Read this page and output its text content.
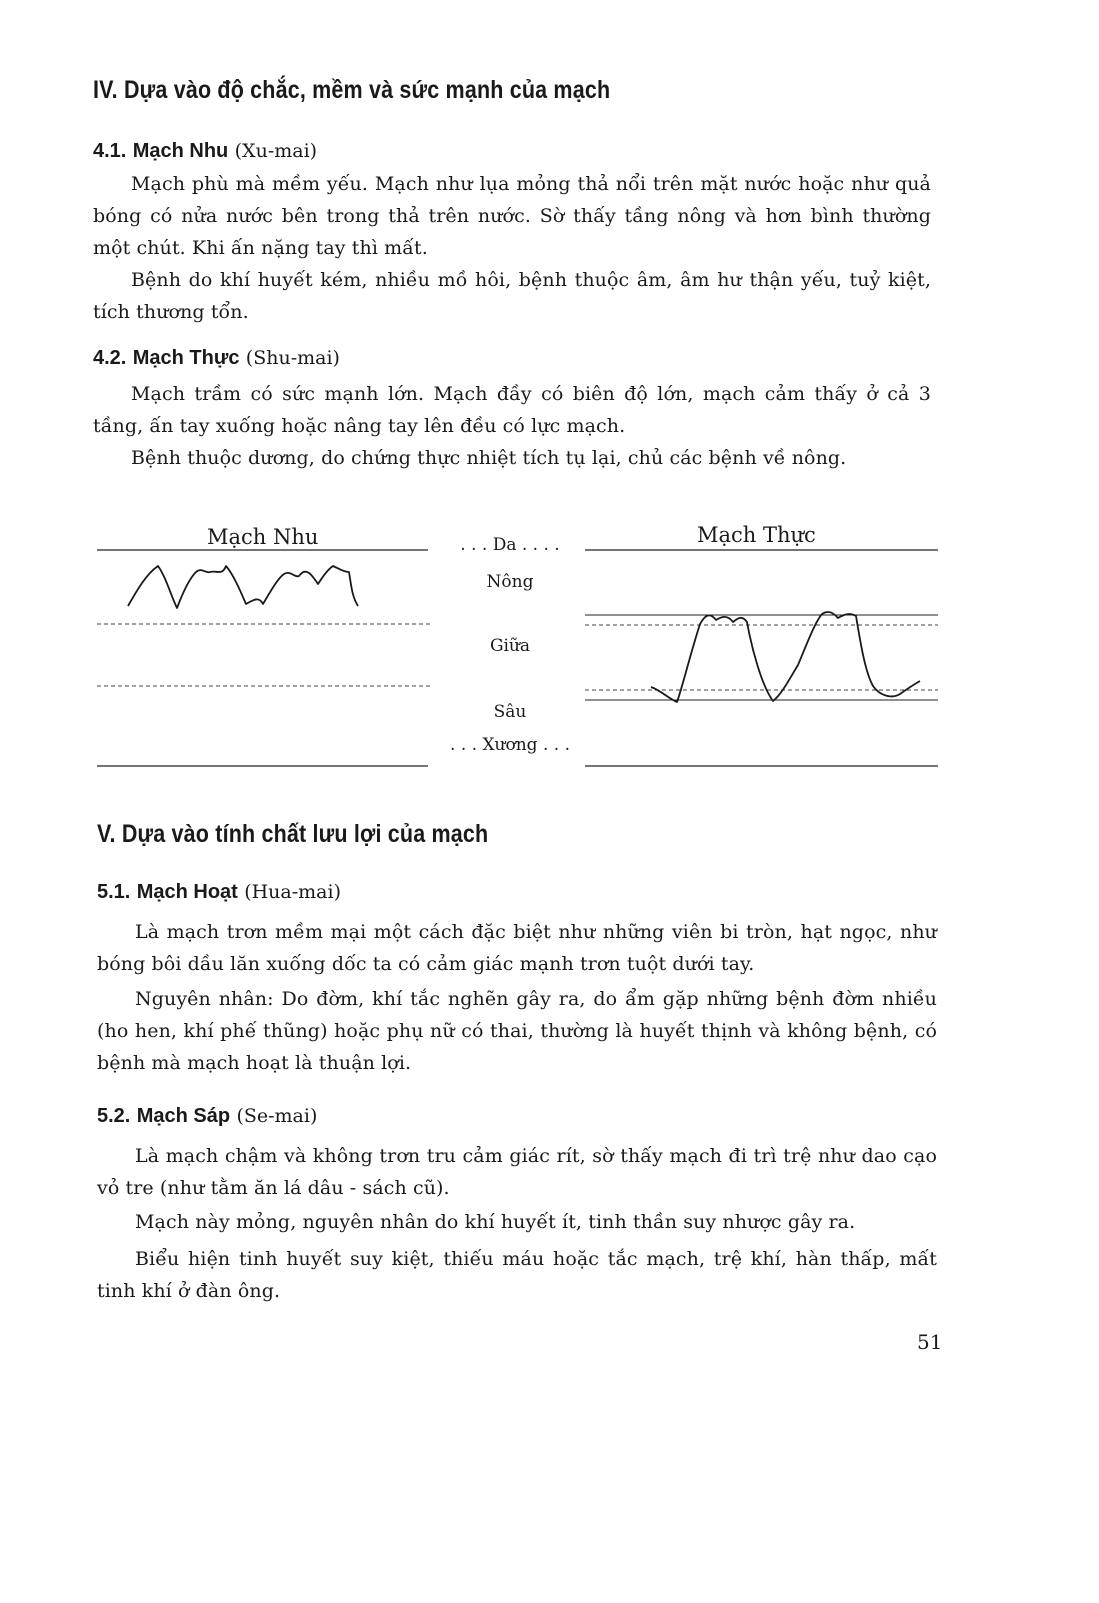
IV. Dựa vào độ chắc, mềm và sức mạnh của mạch
4.1. Mạch Nhu (Xu-mai)

Mạch phù mà mềm yếu. Mạch như lụa mỏng thả nổi trên mặt nước hoặc như quả bóng có nửa nước bên trong thả trên nước. Sờ thấy tầng nông và hơn bình thường một chút. Khi ấn nặng tay thì mất.

Bệnh do khí huyết kém, nhiều mồ hôi, bệnh thuộc âm, âm hư thận yếu, tuỷ kiệt, tích thương tổn.

4.2. Mạch Thực (Shu-mai)

Mạch trầm có sức mạnh lớn. Mạch đầy có biên độ lớn, mạch cảm thấy ở cả 3 tầng, ấn tay xuống hoặc nâng tay lên đều có lực mạch.

Bệnh thuộc dương, do chứng thực nhiệt tích tụ lại, chủ các bệnh về nông.

Mạch Nhu	Mạch Thực
. . . Da . . . .
Nông
Giữa
Sâu
. . . Xương . . .
V. Dựa vào tính chất lưu lợi của mạch
5.1. Mạch Hoạt (Hua-mai)

Là mạch trơn mềm mại một cách đặc biệt như những viên bi tròn, hạt ngọc, như bóng bôi dầu lăn xuống dốc ta có cảm giác mạnh trơn tuột dưới tay.

Nguyên nhân: Do đờm, khí tắc nghẽn gây ra, do ẩm gặp những bệnh đờm nhiều (ho hen, khí phế thũng) hoặc phụ nữ có thai, thường là huyết thịnh và không bệnh, có bệnh mà mạch hoạt là thuận lợi.

5.2. Mạch Sáp (Se-mai)

Là mạch chậm và không trơn tru cảm giác rít, sờ thấy mạch đi trì trệ như dao cạo vỏ tre (như tằm ăn lá dâu - sách cũ).

Mạch này mỏng, nguyên nhân do khí huyết ít, tinh thần suy nhược gây ra.

Biểu hiện tinh huyết suy kiệt, thiếu máu hoặc tắc mạch, trệ khí, hàn thấp, mất tinh khí ở đàn ông.

51
